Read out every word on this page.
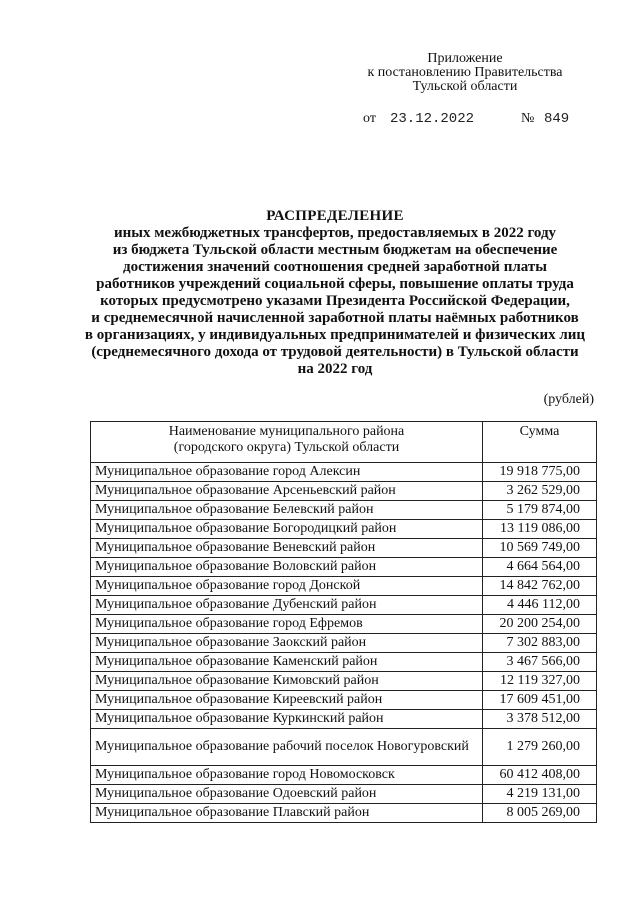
Приложение
к постановлению Правительства
Тульской области
от 23.12.2022	№ 849
РАСПРЕДЕЛЕНИЕ
иных межбюджетных трансфертов, предоставляемых в 2022 году
из бюджета Тульской области местным бюджетам на обеспечение
достижения значений соотношения средней заработной платы
работников учреждений социальной сферы, повышение оплаты труда
которых предусмотрено указами Президента Российской Федерации,
и среднемесячной начисленной заработной платы наёмных работников
в организациях, у индивидуальных предпринимателей и физических лиц
(среднемесячного дохода от трудовой деятельности) в Тульской области
на 2022 год
(рублей)
Наименование муниципального района
(городского округа) Тульской области	Сумма
Муниципальное образование город Алексин	19 918 775,00
Муниципальное образование Арсеньевский район	3 262 529,00
Муниципальное образование Белевский район	5 179 874,00
Муниципальное образование Богородицкий район	13 119 086,00
Муниципальное образование Веневский район	10 569 749,00
Муниципальное образование Воловский район	4 664 564,00
Муниципальное образование город Донской	14 842 762,00
Муниципальное образование Дубенский район	4 446 112,00
Муниципальное образование город Ефремов	20 200 254,00
Муниципальное образование Заокский район	7 302 883,00
Муниципальное образование Каменский район	3 467 566,00
Муниципальное образование Кимовский район	12 119 327,00
Муниципальное образование Киреевский район	17 609 451,00
Муниципальное образование Куркинский район	3 378 512,00
Муниципальное образование рабочий поселок Новогуровский	1 279 260,00
Муниципальное образование город Новомосковск	60 412 408,00
Муниципальное образование Одоевский район	4 219 131,00
Муниципальное образование Плавский район	8 005 269,00
